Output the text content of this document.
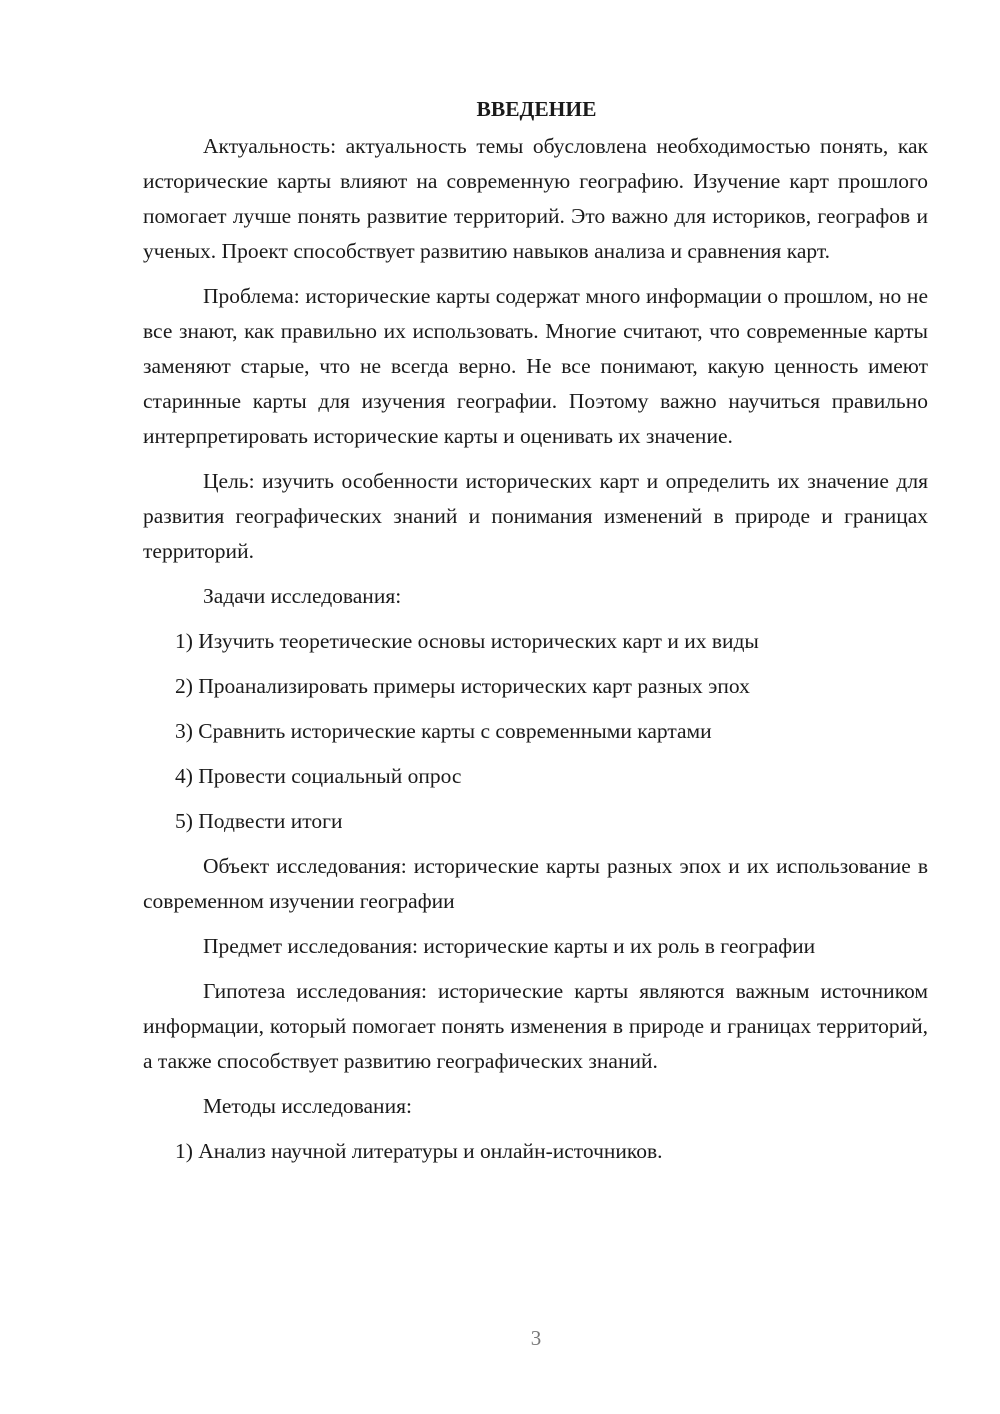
ВВЕДЕНИЕ

Актуальность: актуальность темы обусловлена необходимостью понять, как исторические карты влияют на современную географию. Изучение карт прошлого помогает лучше понять развитие территорий. Это важно для историков, географов и ученых. Проект способствует развитию навыков анализа и сравнения карт.

Проблема: исторические карты содержат много информации о прошлом, но не все знают, как правильно их использовать. Многие считают, что современные карты заменяют старые, что не всегда верно. Не все понимают, какую ценность имеют старинные карты для изучения географии. Поэтому важно научиться правильно интерпретировать исторические карты и оценивать их значение.

Цель: изучить особенности исторических карт и определить их значение для развития географических знаний и понимания изменений в природе и границах территорий.

Задачи исследования:

1) Изучить теоретические основы исторических карт и их виды
2) Проанализировать примеры исторических карт разных эпох
3) Сравнить исторические карты с современными картами
4) Провести социальный опрос
5) Подвести итоги

Объект исследования: исторические карты разных эпох и их использование в современном изучении географии

Предмет исследования: исторические карты и их роль в географии

Гипотеза исследования: исторические карты являются важным источником информации, который помогает понять изменения в природе и границах территорий, а также способствует развитию географических знаний.

Методы исследования:

1) Анализ научной литературы и онлайн-источников.
3
